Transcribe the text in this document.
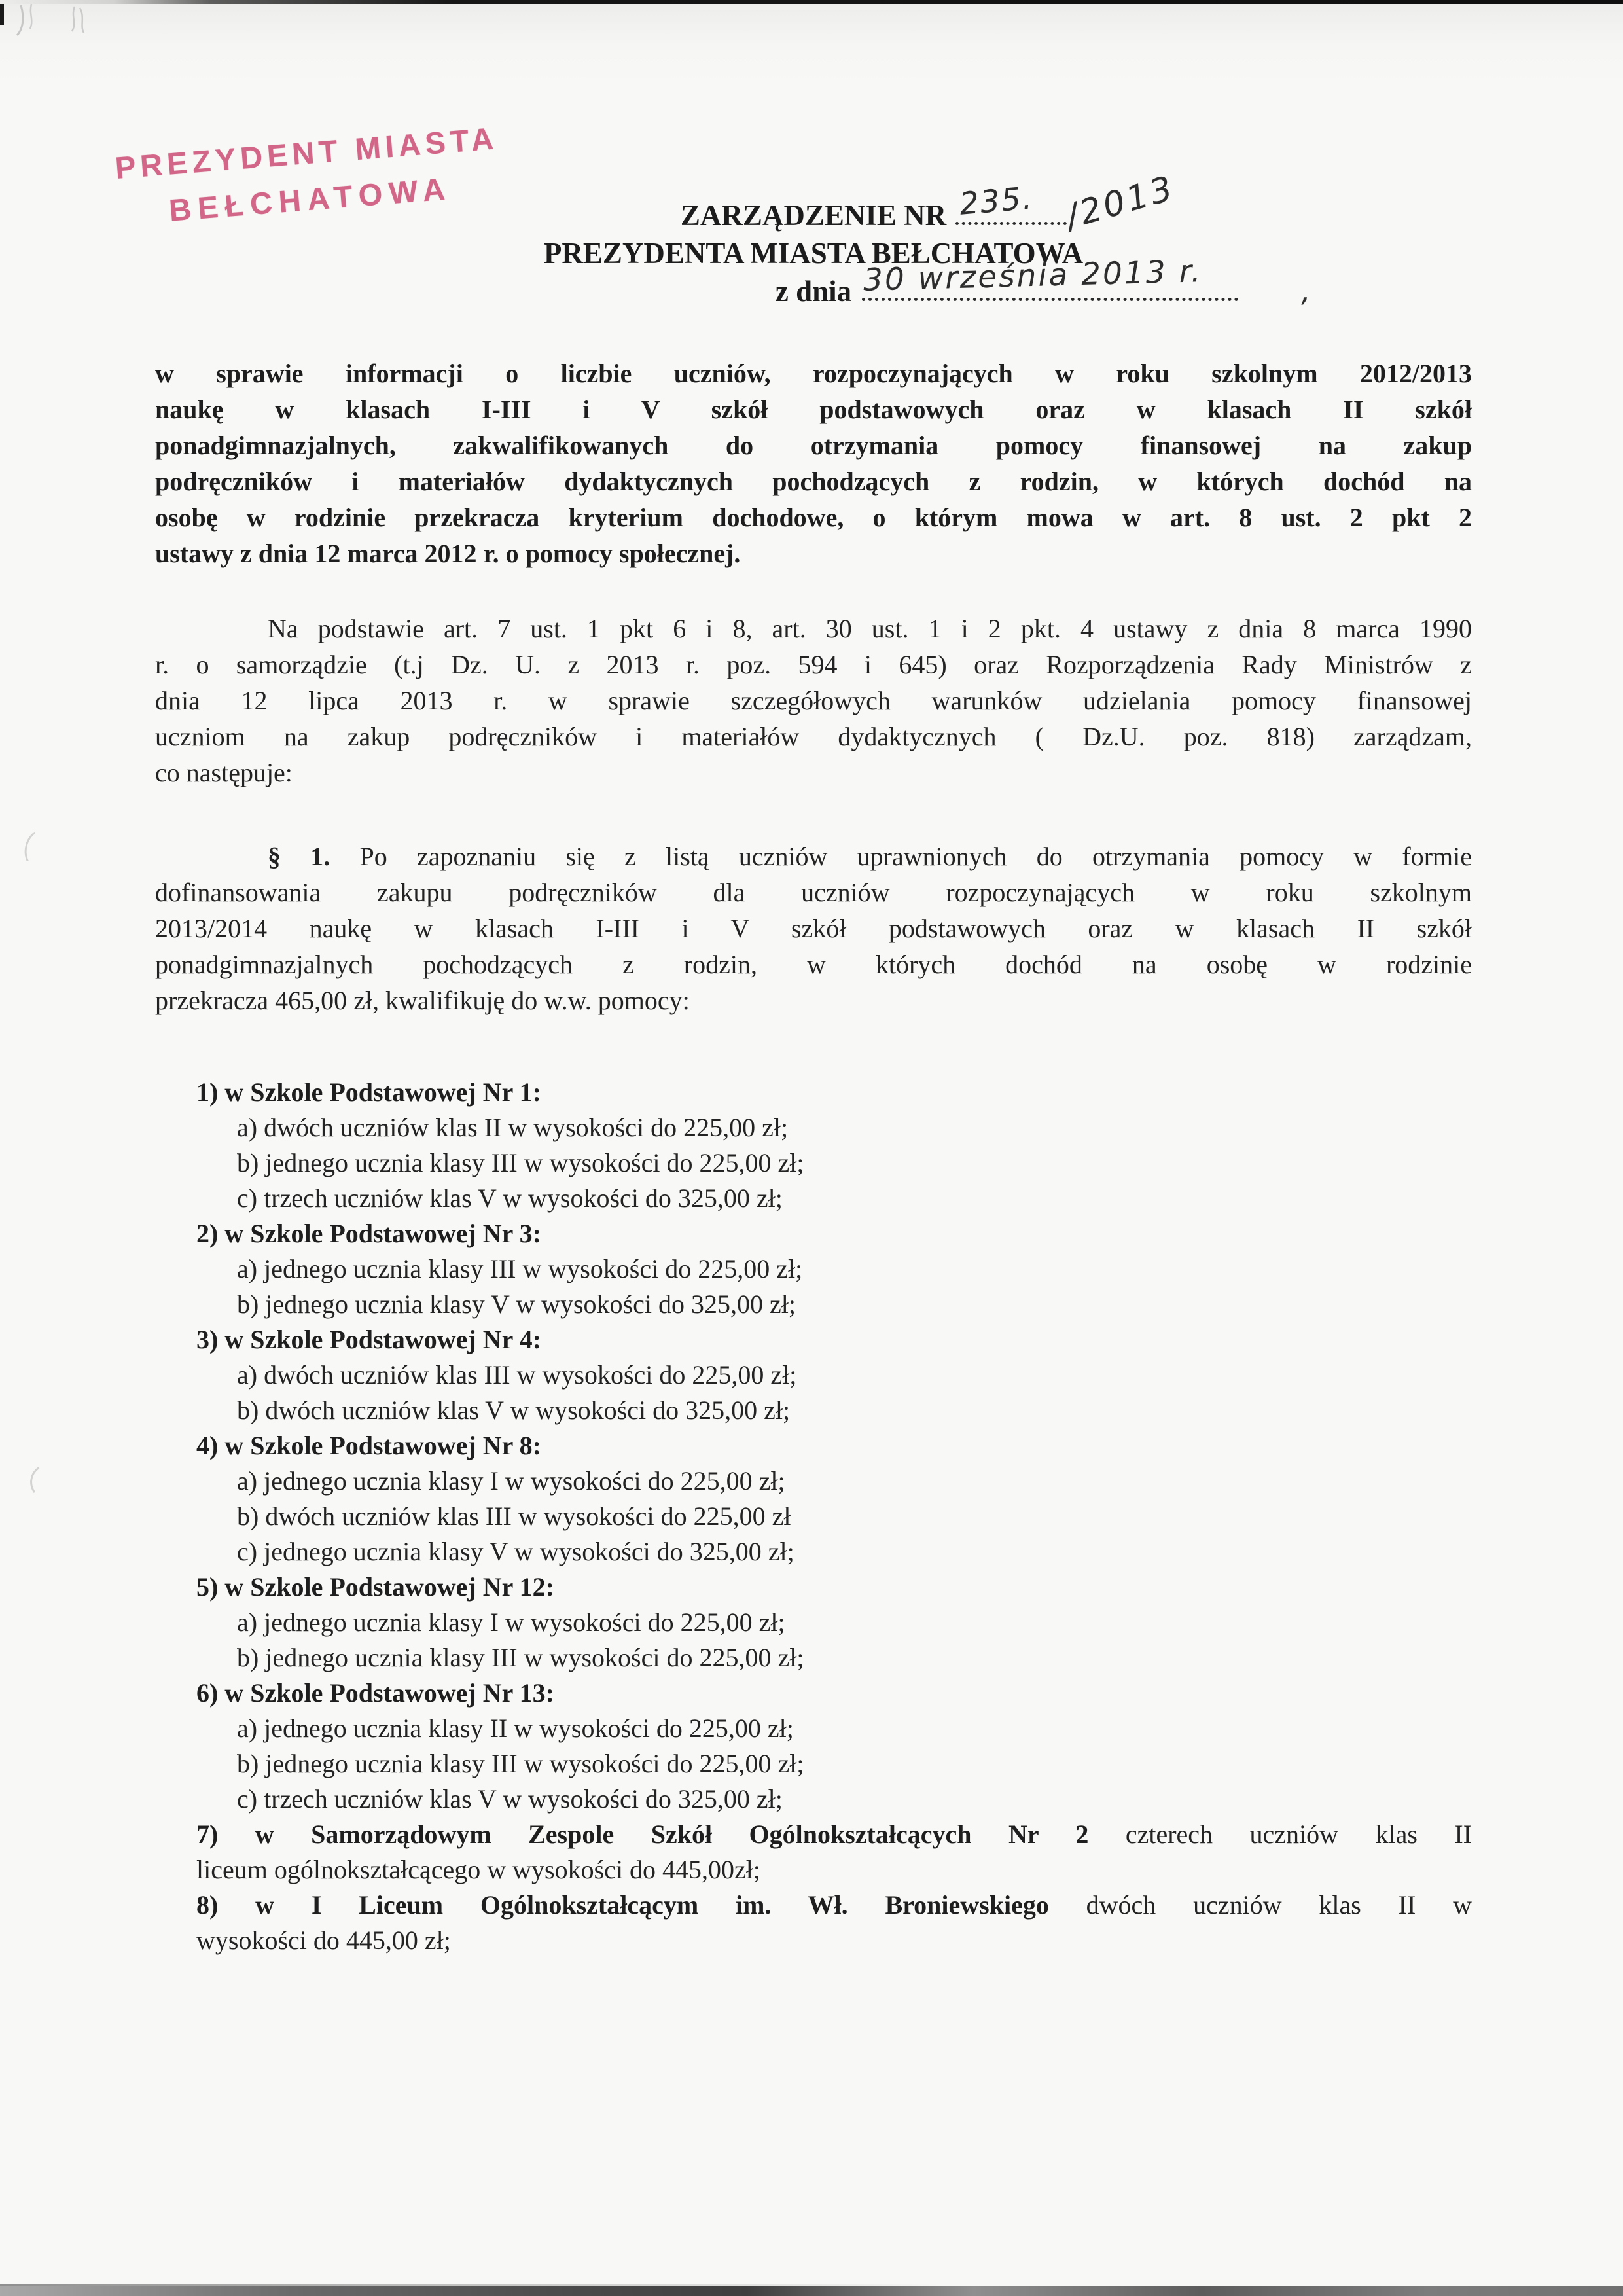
PREZYDENT MIASTA
BEŁCHATOWA	ZARZĄDZENIE NR 235. /2013
PREZYDENTA MIASTA BEŁCHATOWA
z dnia 30 września 2013 r.	,
w sprawie informacji o liczbie uczniów, rozpoczynających w roku szkolnym 2012/2013
naukę w klasach I-III i V szkół podstawowych oraz w klasach II szkół
ponadgimnazjalnych, zakwalifikowanych do otrzymania pomocy finansowej na zakup
podręczników i materiałów dydaktycznych pochodzących z rodzin, w których dochód na
osobę w rodzinie przekracza kryterium dochodowe, o którym mowa w art. 8 ust. 2 pkt 2
ustawy z dnia 12 marca 2012 r. o pomocy społecznej.
Na podstawie art. 7 ust. 1 pkt 6 i 8, art. 30 ust. 1 i 2 pkt. 4 ustawy z dnia 8 marca 1990
r. o samorządzie (t.j Dz. U. z 2013 r. poz. 594 i 645) oraz Rozporządzenia Rady Ministrów z
dnia 12 lipca 2013 r. w sprawie szczegółowych warunków udzielania pomocy finansowej
uczniom na zakup podręczników i materiałów dydaktycznych ( Dz.U. poz. 818) zarządzam,
co następuje:
§ 1. Po zapoznaniu się z listą uczniów uprawnionych do otrzymania pomocy w formie
dofinansowania zakupu podręczników dla uczniów rozpoczynających w roku szkolnym
2013/2014 naukę w klasach I-III i V szkół podstawowych oraz w klasach II szkół
ponadgimnazjalnych pochodzących z rodzin, w których dochód na osobę w rodzinie
przekracza 465,00 zł, kwalifikuję do w.w. pomocy:
1) w Szkole Podstawowej Nr 1:
a) dwóch uczniów klas II w wysokości do 225,00 zł;
b) jednego ucznia klasy III w wysokości do 225,00 zł;
c) trzech uczniów klas V w wysokości do 325,00 zł;
2) w Szkole Podstawowej Nr 3:
a) jednego ucznia klasy III w wysokości do 225,00 zł;
b) jednego ucznia klasy V w wysokości do 325,00 zł;
3) w Szkole Podstawowej Nr 4:
a) dwóch uczniów klas III w wysokości do 225,00 zł;
b) dwóch uczniów klas V w wysokości do 325,00 zł;
4) w Szkole Podstawowej Nr 8:
a) jednego ucznia klasy I w wysokości do 225,00 zł;
b) dwóch uczniów klas III w wysokości do 225,00 zł
c) jednego ucznia klasy V w wysokości do 325,00 zł;
5) w Szkole Podstawowej Nr 12:
a) jednego ucznia klasy I w wysokości do 225,00 zł;
b) jednego ucznia klasy III w wysokości do 225,00 zł;
6) w Szkole Podstawowej Nr 13:
a) jednego ucznia klasy II w wysokości do 225,00 zł;
b) jednego ucznia klasy III w wysokości do 225,00 zł;
c) trzech uczniów klas V w wysokości do 325,00 zł;
7) w Samorządowym Zespole Szkół Ogólnokształcących Nr 2 czterech uczniów klas II
liceum ogólnokształcącego w wysokości do 445,00zł;
8) w I Liceum Ogólnokształcącym im. Wł. Broniewskiego dwóch uczniów klas II w
wysokości do 445,00 zł;
